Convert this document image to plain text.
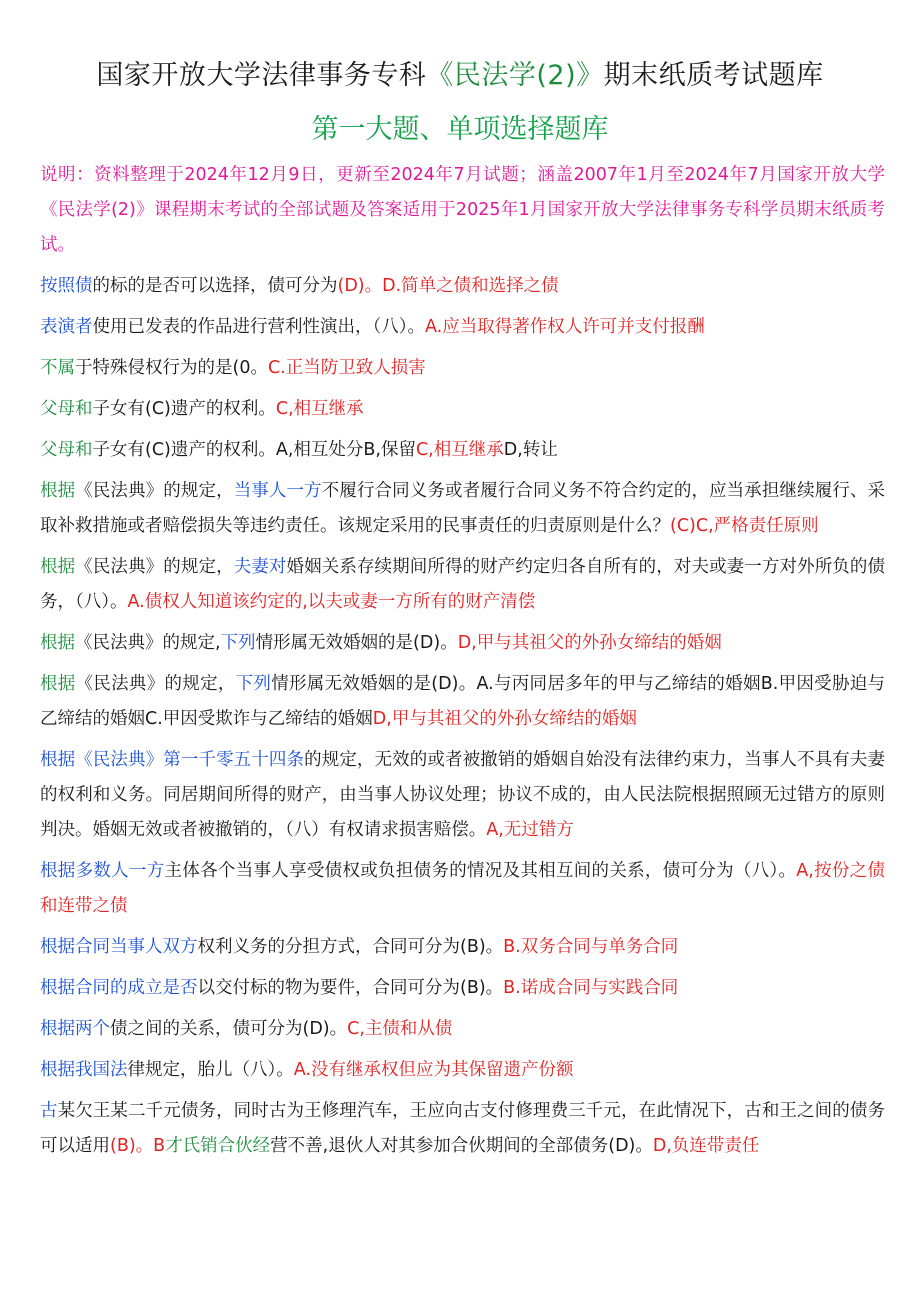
国家开放大学法律事务专科《民法学(2)》期末纸质考试题库
第一大题、单项选择题库

说明：资料整理于2024年12月9日，更新至2024年7月试题；涵盖2007年1月至2024年7月国家开放大学《民法学(2)》课程期末考试的全部试题及答案适用于2025年1月国家开放大学法律事务专科学员期末纸质考试。

按照债的标的是否可以选择，债可分为(D)。D.简单之债和选择之债

表演者使用已发表的作品进行营利性演出，（八）。A.应当取得著作权人许可并支付报酬

不属于特殊侵权行为的是(0。C.正当防卫致人损害

父母和子女有(C)遗产的权利。C,相互继承

父母和子女有(C)遗产的权利。A,相互处分B,保留C,相互继承D,转让

根据《民法典》的规定，当事人一方不履行合同义务或者履行合同义务不符合约定的，应当承担继续履行、采取补救措施或者赔偿损失等违约责任。该规定采用的民事责任的归责原则是什么？(C)C,严格责任原则

根据《民法典》的规定，夫妻对婚姻关系存续期间所得的财产约定归各自所有的，对夫或妻一方对外所负的债务，（八）。A.债权人知道该约定的,以夫或妻一方所有的财产清偿

根据《民法典》的规定,下列情形属无效婚姻的是(D)。D,甲与其祖父的外孙女缔结的婚姻

根据《民法典》的规定，下列情形属无效婚姻的是(D)。A.与丙同居多年的甲与乙缔结的婚姻B.甲因受胁迫与乙缔结的婚姻C.甲因受欺诈与乙缔结的婚姻D,甲与其祖父的外孙女缔结的婚姻

根据《民法典》第一千零五十四条的规定，无效的或者被撤销的婚姻自始没有法律约束力，当事人不具有夫妻的权利和义务。同居期间所得的财产，由当事人协议处理；协议不成的，由人民法院根据照顾无过错方的原则判决。婚姻无效或者被撤销的，（八）有权请求损害赔偿。A,无过错方

根据多数人一方主体各个当事人享受债权或负担债务的情况及其相互间的关系，债可分为（八）。A,按份之债和连带之债

根据合同当事人双方权利义务的分担方式，合同可分为(B)。B.双务合同与单务合同

根据合同的成立是否以交付标的物为要件，合同可分为(B)。B.诺成合同与实践合同

根据两个债之间的关系，债可分为(D)。C,主债和从债

根据我国法律规定，胎儿（八）。A.没有继承权但应为其保留遗产份额

古某欠王某二千元债务，同时古为王修理汽车，王应向古支付修理费三千元，在此情况下，古和王之间的债务可以适用(B)。B才氏销合伙经营不善,退伙人对其参加合伙期间的全部债务(D)。D,负连带责任
